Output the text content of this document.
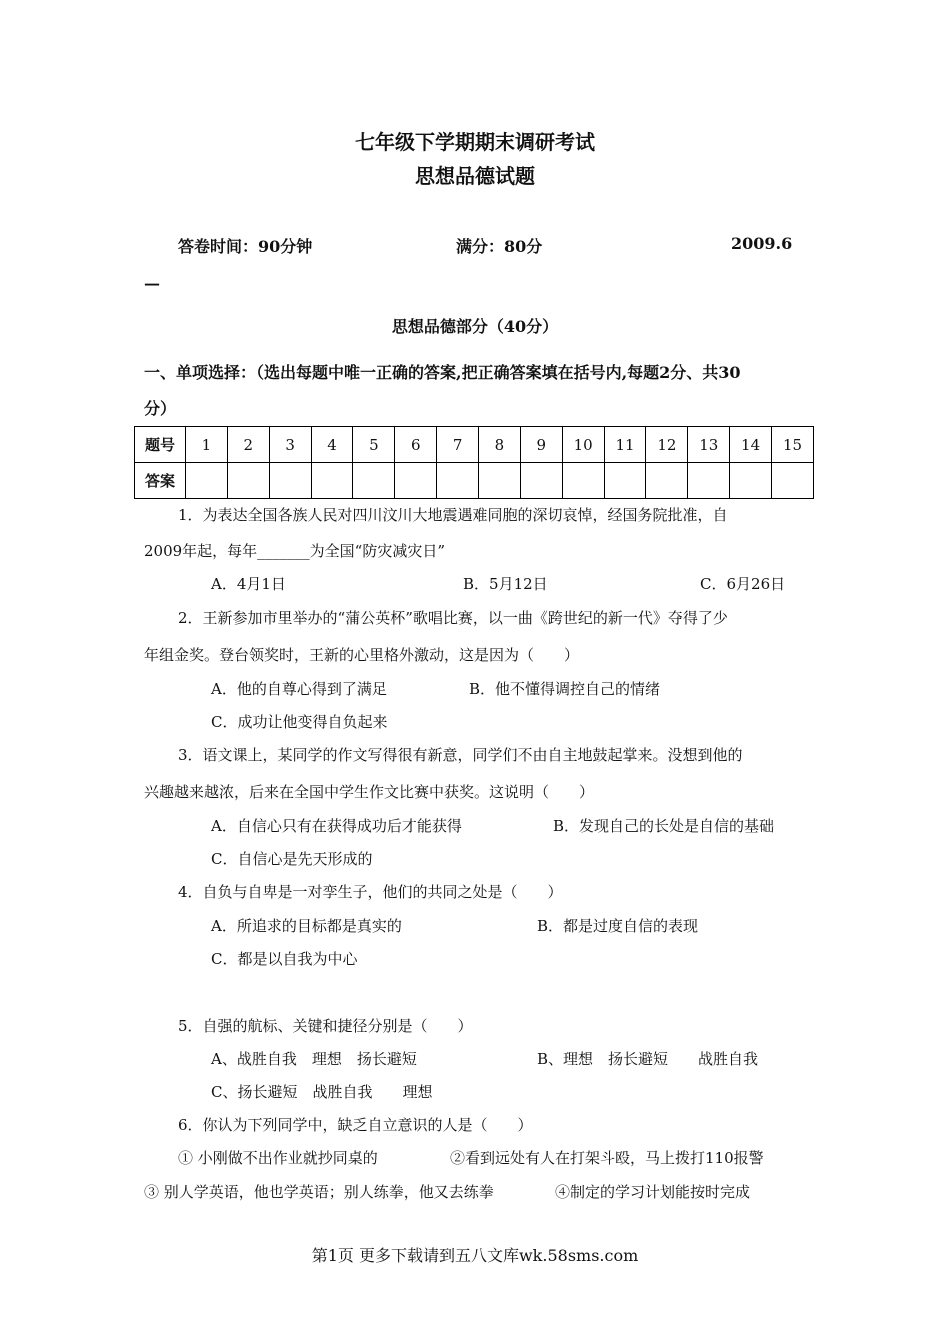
七年级下学期期末调研考试
思想品德试题
答卷时间：90分钟	满分：80分	2009.6
—
思想品德部分（40分）
一、单项选择：（选出每题中唯一正确的答案,把正确答案填在括号内,每题2分、共30
分）
题号	1	2	3	4	5	6	7	8	9	10	11	12	13	14	15
答案															
1．为表达全国各族人民对四川汶川大地震遇难同胞的深切哀悼，经国务院批准，自
2009年起，每年_______为全国“防灾减灾日”
A．4月1日	B．5月12日	C．6月26日
2．王新参加市里举办的“蒲公英杯”歌唱比赛，以一曲《跨世纪的新一代》夺得了少
年组金奖。登台领奖时，王新的心里格外激动，这是因为（　　）
A．他的自尊心得到了满足	B．他不懂得调控自己的情绪
C．成功让他变得自负起来
3．语文课上，某同学的作文写得很有新意，同学们不由自主地鼓起掌来。没想到他的
兴趣越来越浓，后来在全国中学生作文比赛中获奖。这说明（　　）
A．自信心只有在获得成功后才能获得	B．发现自己的长处是自信的基础
C．自信心是先天形成的
4．自负与自卑是一对孪生子，他们的共同之处是（　　）
A．所追求的目标都是真实的	B．都是过度自信的表现
C．都是以自我为中心
5．自强的航标、关键和捷径分别是（　　）
A、战胜自我　理想　扬长避短	B、理想　扬长避短　　战胜自我
C、扬长避短　战胜自我　　理想
6．你认为下列同学中，缺乏自立意识的人是（　　）
① 小刚做不出作业就抄同桌的	②看到远处有人在打架斗殴，马上拨打110报警
③ 别人学英语，他也学英语；别人练拳，他又去练拳	④制定的学习计划能按时完成
第1页 更多下载请到五八文库wk.58sms.com
